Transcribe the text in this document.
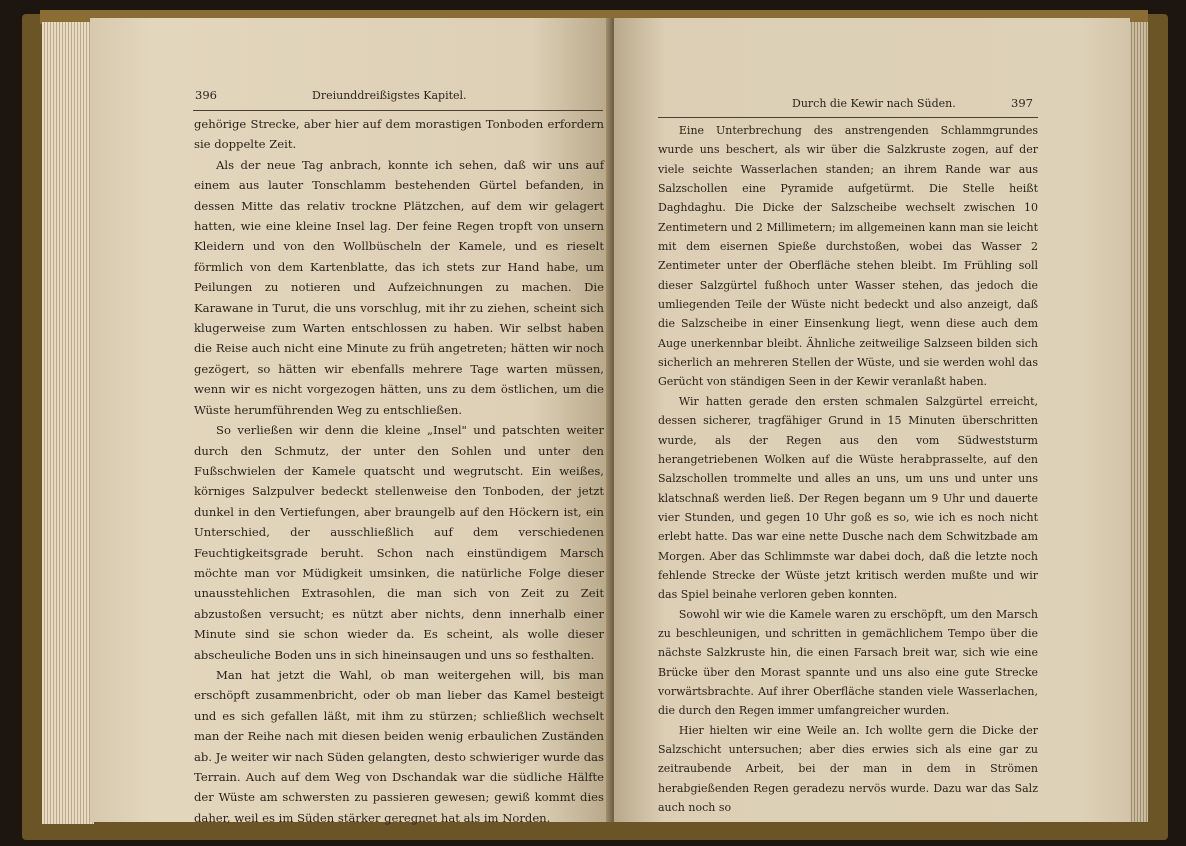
396	Dreiunddreißigstes Kapitel.

gehörige Strecke, aber hier auf dem morastigen Tonboden erfordern sie doppelte Zeit.

Als der neue Tag anbrach, konnte ich sehen, daß wir uns auf einem aus lauter Tonschlamm bestehenden Gürtel befanden, in dessen Mitte das relativ trockne Plätzchen, auf dem wir gelagert hatten, wie eine kleine Insel lag. Der feine Regen tropft von unsern Kleidern und von den Wollbüscheln der Kamele, und es rieselt förmlich von dem Kartenblatte, das ich stets zur Hand habe, um Peilungen zu notieren und Aufzeichnungen zu machen. Die Karawane in Turut, die uns vorschlug, mit ihr zu ziehen, scheint sich klugerweise zum Warten entschlossen zu haben. Wir selbst haben die Reise auch nicht eine Minute zu früh angetreten; hätten wir noch gezögert, so hätten wir ebenfalls mehrere Tage warten müssen, wenn wir es nicht vorgezogen hätten, uns zu dem östlichen, um die Wüste herumführenden Weg zu entschließen.

So verließen wir denn die kleine „Insel" und patschten weiter durch den Schmutz, der unter den Sohlen und unter den Fußschwielen der Kamele quatscht und wegrutscht. Ein weißes, körniges Salzpulver bedeckt stellenweise den Tonboden, der jetzt dunkel in den Vertiefungen, aber braungelb auf den Höckern ist, ein Unterschied, der ausschließlich auf dem verschiedenen Feuchtigkeitsgrade beruht. Schon nach einstündigem Marsch möchte man vor Müdigkeit umsinken, die natürliche Folge dieser unausstehlichen Extrasohlen, die man sich von Zeit zu Zeit abzustoßen versucht; es nützt aber nichts, denn innerhalb einer Minute sind sie schon wieder da. Es scheint, als wolle dieser abscheuliche Boden uns in sich hineinsaugen und uns so festhalten.

Man hat jetzt die Wahl, ob man weitergehen will, bis man erschöpft zusammenbricht, oder ob man lieber das Kamel besteigt und es sich gefallen läßt, mit ihm zu stürzen; schließlich wechselt man der Reihe nach mit diesen beiden wenig erbaulichen Zuständen ab. Je weiter wir nach Süden gelangten, desto schwieriger wurde das Terrain. Auch auf dem Weg von Dschandak war die südliche Hälfte der Wüste am schwersten zu passieren gewesen; gewiß kommt dies daher, weil es im Süden stärker geregnet hat als im Norden.

Durch die Kewir nach Süden.	397

Eine Unterbrechung des anstrengenden Schlammgrundes wurde uns beschert, als wir über die Salzkruste zogen, auf der viele seichte Wasserlachen standen; an ihrem Rande war aus Salzschollen eine Pyramide aufgetürmt. Die Stelle heißt Daghdaghu. Die Dicke der Salzscheibe wechselt zwischen 10 Zentimetern und 2 Millimetern; im allgemeinen kann man sie leicht mit dem eisernen Spieße durchstoßen, wobei das Wasser 2 Zentimeter unter der Oberfläche stehen bleibt. Im Frühling soll dieser Salzgürtel fußhoch unter Wasser stehen, das jedoch die umliegenden Teile der Wüste nicht bedeckt und also anzeigt, daß die Salzscheibe in einer Einsenkung liegt, wenn diese auch dem Auge unerkennbar bleibt. Ähnliche zeitweilige Salzseen bilden sich sicherlich an mehreren Stellen der Wüste, und sie werden wohl das Gerücht von ständigen Seen in der Kewir veranlaßt haben.

Wir hatten gerade den ersten schmalen Salzgürtel erreicht, dessen sicherer, tragfähiger Grund in 15 Minuten überschritten wurde, als der Regen aus den vom Südweststurm herangetriebenen Wolken auf die Wüste herabprasselte, auf den Salzschollen trommelte und alles an uns, um uns und unter uns klatschnaß werden ließ. Der Regen begann um 9 Uhr und dauerte vier Stunden, und gegen 10 Uhr goß es so, wie ich es noch nicht erlebt hatte. Das war eine nette Dusche nach dem Schwitzbade am Morgen. Aber das Schlimmste war dabei doch, daß die letzte noch fehlende Strecke der Wüste jetzt kritisch werden mußte und wir das Spiel beinahe verloren geben konnten.

Sowohl wir wie die Kamele waren zu erschöpft, um den Marsch zu beschleunigen, und schritten in gemächlichem Tempo über die nächste Salzkruste hin, die einen Farsach breit war, sich wie eine Brücke über den Morast spannte und uns also eine gute Strecke vorwärtsbrachte. Auf ihrer Oberfläche standen viele Wasserlachen, die durch den Regen immer umfangreicher wurden.

Hier hielten wir eine Weile an. Ich wollte gern die Dicke der Salzschicht untersuchen; aber dies erwies sich als eine gar zu zeitraubende Arbeit, bei der man in dem in Strömen herabgießenden Regen geradezu nervös wurde. Dazu war das Salz auch noch so
